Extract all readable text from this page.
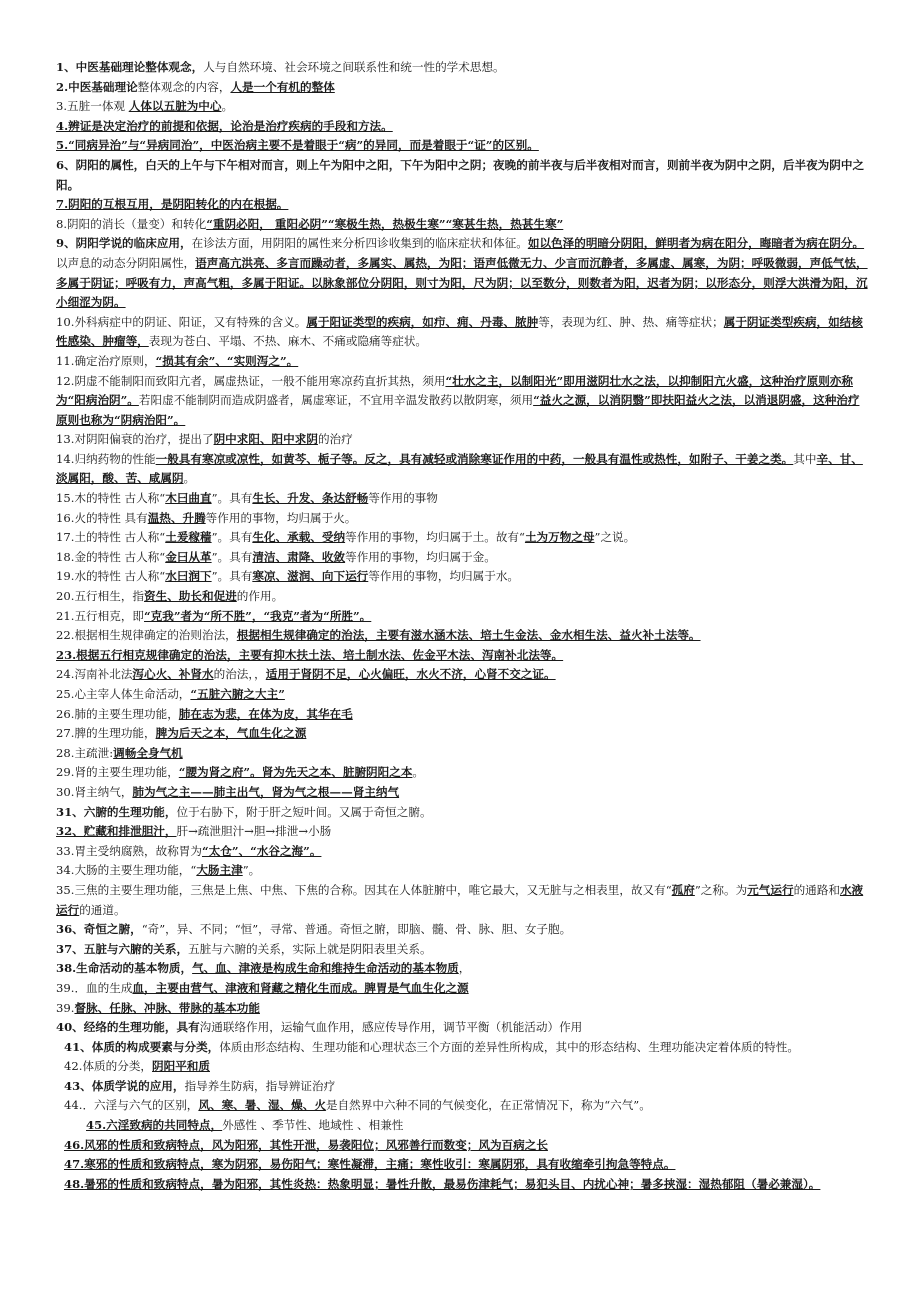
1、中医基础理论整体观念，人与自然环境、社会环境之间联系性和统一性的学术思想。
2.中医基础理论整体观念的内容，人是一个有机的整体
3.五脏一体观 人体以五脏为中心。
4.辨证是决定治疗的前提和依据，论治是治疗疾病的手段和方法。
5.“同病异治”与“异病同治”，中医治病主要不是着眼于“病”的异同，而是着眼于“证”的区别。
6、阴阳的属性，白天的上午与下午相对而言，则上午为阳中之阳，下午为阳中之阴；夜晚的前半夜与后半夜相对而言，则前半夜为阴中之阴，后半夜为阴中之阳。
7.阴阳的互根互用，是阴阳转化的内在根据。
8.阴阳的消长（量变）和转化“重阴必阳， 重阳必阴”“寒极生热，热极生寒”“寒甚生热，热甚生寒”
9、阴阳学说的临床应用，在诊法方面，用阴阳的属性来分析四诊收集到的临床症状和体征。如以色泽的明暗分阴阳，鲜明者为病在阳分，晦暗者为病在阴分。以声息的动态分阴阳属性，语声高亢洪亮、多言而躁动者，多属实、属热，为阳；语声低微无力、少言而沉静者，多属虚、属寒，为阴；呼吸微弱，声低气怯，多属于阴证；呼吸有力，声高气粗，多属于阳证。以脉象部位分阴阳，则寸为阳，尺为阴；以至数分，则数者为阳，迟者为阴；以形态分，则浮大洪滑为阳，沉小细涩为阴。
10.外科病症中的阴证、阳证，又有特殊的含义。属于阳证类型的疾病，如疖、痈、丹毒、脓肿等，表现为红、肿、热、痛等症状；属于阴证类型疾病，如结核性感染、肿瘤等，表现为苍白、平塌、不热、麻木、不痛或隐痛等症状。
11.确定治疗原则，“损其有余”、“实则泻之”。
12.阴虚不能制阳而致阳亢者，属虚热证，一般不能用寒凉药直折其热，须用“壮水之主，以制阳光”即用滋阴壮水之法，以抑制阳亢火盛，这种治疗原则亦称为“阳病治阴”。若阳虚不能制阴而造成阴盛者，属虚寒证，不宜用辛温发散药以散阴寒，须用“益火之源，以消阴翳”即扶阳益火之法，以消退阴盛，这种治疗原则也称为“阴病治阳”。
13.对阴阳偏衰的治疗，提出了阴中求阳、阳中求阴的治疗
14.归纳药物的性能一般具有寒凉或凉性，如黄芩、栀子等。反之，具有减轻或消除寒证作用的中药，一般具有温性或热性，如附子、干姜之类。其中辛、甘、淡属阳，酸、苦、咸属阴。
15.木的特性 古人称“木曰曲直”。具有生长、升发、条达舒畅等作用的事物
16.火的特性 具有温热、升腾等作用的事物，均归属于火。
17.土的特性 古人称“土爰稼穑”。具有生化、承载、受纳等作用的事物，均归属于土。故有“土为万物之母”之说。
18.金的特性 古人称“金曰从革”。具有清洁、肃降、收敛等作用的事物，均归属于金。
19.水的特性 古人称“水曰润下”。具有寒凉、滋润、向下运行等作用的事物，均归属于水。
20.五行相生，指资生、助长和促进的作用。
21.五行相克，即“克我”者为“所不胜”，“我克”者为“所胜”。
22.根据相生规律确定的治则治法，根据相生规律确定的治法，主要有滋水涵木法、培土生金法、金水相生法、益火补土法等。
23.根据五行相克规律确定的治法，主要有抑木扶土法、培土制水法、佐金平木法、泻南补北法等。
24.泻南补北法泻心火、补肾水的治法，，适用于肾阴不足，心火偏旺，水火不济，心肾不交之证。
25.心主宰人体生命活动，“五脏六腑之大主”
26.肺的主要生理功能，肺在志为悲，在体为皮，其华在毛
27.脾的生理功能，脾为后天之本，气血生化之源
28.主疏泄:调畅全身气机
29.肾的主要生理功能，“腰为肾之府”。肾为先天之本、脏腑阴阳之本。
30.肾主纳气，肺为气之主——肺主出气，肾为气之根——肾主纳气
31、六腑的生理功能，位于右胁下，附于肝之短叶间。又属于奇恒之腑。
32、贮藏和排泄胆汁，肝→疏泄胆汁→胆→排泄→小肠
33.胃主受纳腐熟，故称胃为“太仓”、“水谷之海”。
34.大肠的主要生理功能，“大肠主津”。
35.三焦的主要生理功能，三焦是上焦、中焦、下焦的合称。因其在人体脏腑中，唯它最大，又无脏与之相表里，故又有“孤府”之称。为元气运行的通路和水液运行的通道。
36、奇恒之腑，“奇”，异、不同；“恒”，寻常、普通。奇恒之腑，即脑、髓、骨、脉、胆、女子胞。
37、五脏与六腑的关系，五脏与六腑的关系，实际上就是阴阳表里关系。
38.生命活动的基本物质，气、血、津液是构成生命和维持生命活动的基本物质，
39.．血的生成血，主要由营气、津液和肾藏之精化生而成。脾胃是气血生化之源
39.督脉、任脉、冲脉、带脉的基本功能
40、经络的生理功能，具有沟通联络作用，运输气血作用，感应传导作用，调节平衡（机能活动）作用
41、体质的构成要素与分类，体质由形态结构、生理功能和心理状态三个方面的差异性所构成，其中的形态结构、生理功能决定着体质的特性。
42.体质的分类，阴阳平和质
43、体质学说的应用，指导养生防病，指导辨证治疗
44.．六淫与六气的区别，风、寒、暑、湿、燥、火是自然界中六种不同的气候变化，在正常情况下，称为“六气”。
45.六淫致病的共同特点，外感性 、季节性、地域性 、相兼性
46.风邪的性质和致病特点，风为阳邪，其性开泄，易袭阳位；风邪善行而数变；风为百病之长
47.寒邪的性质和致病特点，寒为阴邪，易伤阳气；寒性凝滞，主痛；寒性收引：寒属阴邪，具有收缩牵引拘急等特点。
48.暑邪的性质和致病特点，暑为阳邪，其性炎热：热象明显；暑性升散，最易伤津耗气；易犯头目、内扰心神；暑多挟湿：湿热郁阻（暑必兼湿）。
